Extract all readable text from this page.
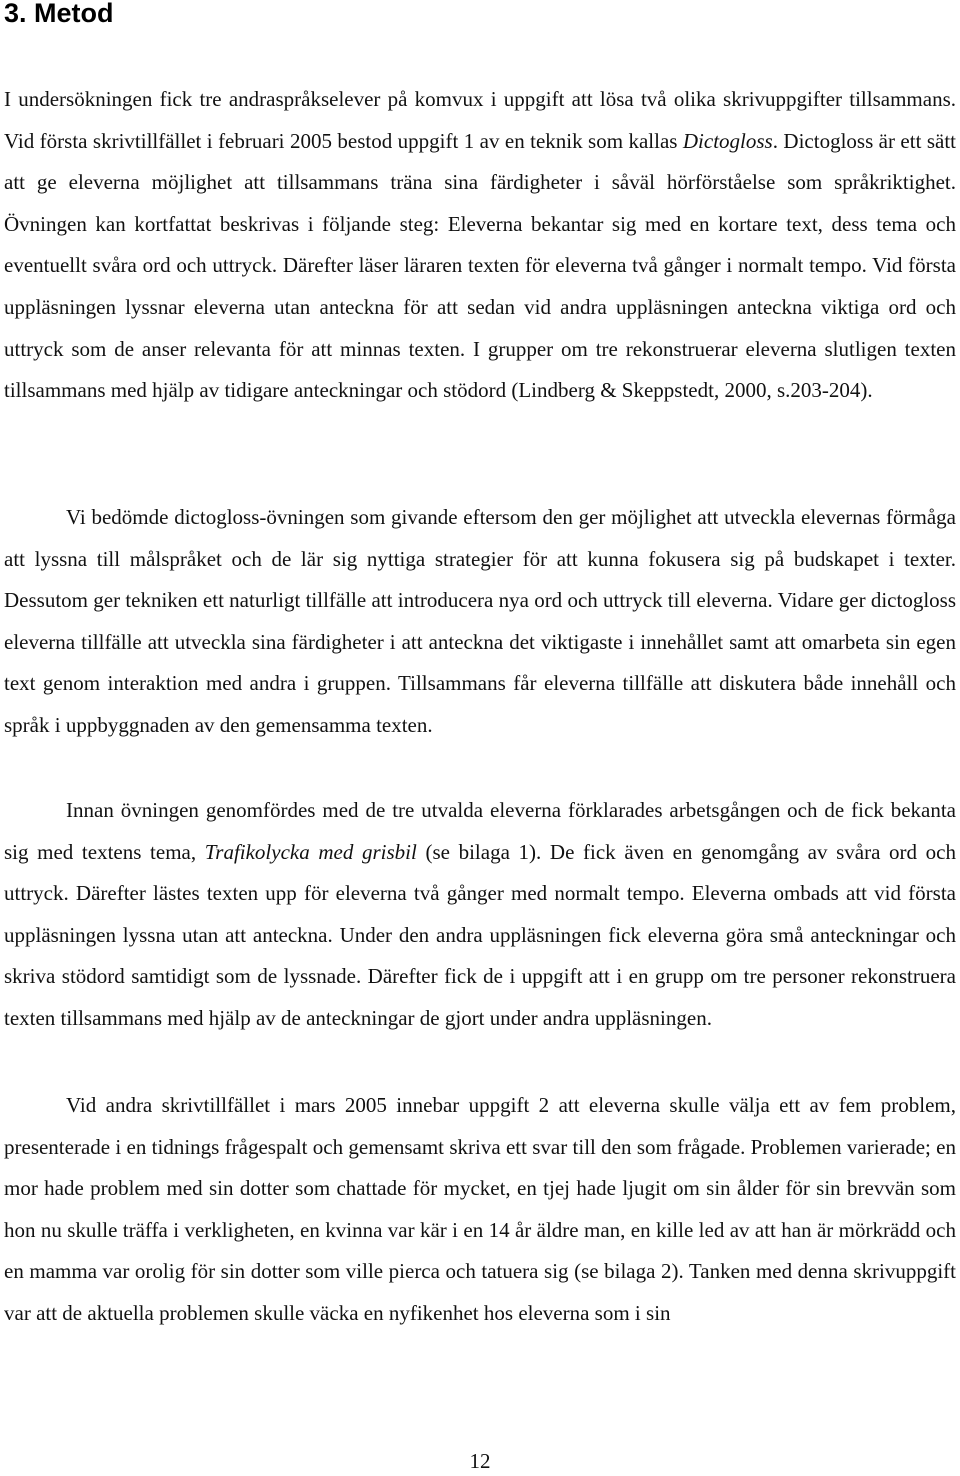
3. Metod

I undersökningen fick tre andraspråkselever på komvux i uppgift att lösa två olika skrivuppgifter tillsammans. Vid första skrivtillfället i februari 2005 bestod uppgift 1 av en teknik som kallas Dictogloss. Dictogloss är ett sätt att ge eleverna möjlighet att tillsammans träna sina färdigheter i såväl hörförståelse som språkriktighet. Övningen kan kortfattat beskrivas i följande steg: Eleverna bekantar sig med en kortare text, dess tema och eventuellt svåra ord och uttryck. Därefter läser läraren texten för eleverna två gånger i normalt tempo. Vid första uppläsningen lyssnar eleverna utan anteckna för att sedan vid andra uppläsningen anteckna viktiga ord och uttryck som de anser relevanta för att minnas texten. I grupper om tre rekonstruerar eleverna slutligen texten tillsammans med hjälp av tidigare anteckningar och stödord (Lindberg & Skeppstedt, 2000, s.203-204).

Vi bedömde dictogloss-övningen som givande eftersom den ger möjlighet att utveckla elevernas förmåga att lyssna till målspråket och de lär sig nyttiga strategier för att kunna fokusera sig på budskapet i texter. Dessutom ger tekniken ett naturligt tillfälle att introducera nya ord och uttryck till eleverna. Vidare ger dictogloss eleverna tillfälle att utveckla sina färdigheter i att anteckna det viktigaste i innehållet samt att omarbeta sin egen text genom interaktion med andra i gruppen. Tillsammans får eleverna tillfälle att diskutera både innehåll och språk i uppbyggnaden av den gemensamma texten.

Innan övningen genomfördes med de tre utvalda eleverna förklarades arbetsgången och de fick bekanta sig med textens tema, Trafikolycka med grisbil (se bilaga 1). De fick även en genomgång av svåra ord och uttryck. Därefter lästes texten upp för eleverna två gånger med normalt tempo. Eleverna ombads att vid första uppläsningen lyssna utan att anteckna. Under den andra uppläsningen fick eleverna göra små anteckningar och skriva stödord samtidigt som de lyssnade. Därefter fick de i uppgift att i en grupp om tre personer rekonstruera texten tillsammans med hjälp av de anteckningar de gjort under andra uppläsningen.

Vid andra skrivtillfället i mars 2005 innebar uppgift 2 att eleverna skulle välja ett av fem problem, presenterade i en tidnings frågespalt och gemensamt skriva ett svar till den som frågade. Problemen varierade; en mor hade problem med sin dotter som chattade för mycket, en tjej hade ljugit om sin ålder för sin brevvän som hon nu skulle träffa i verkligheten, en kvinna var kär i en 14 år äldre man, en kille led av att han är mörkrädd och en mamma var orolig för sin dotter som ville pierca och tatuera sig (se bilaga 2). Tanken med denna skrivuppgift var att de aktuella problemen skulle väcka en nyfikenhet hos eleverna som i sin

12
